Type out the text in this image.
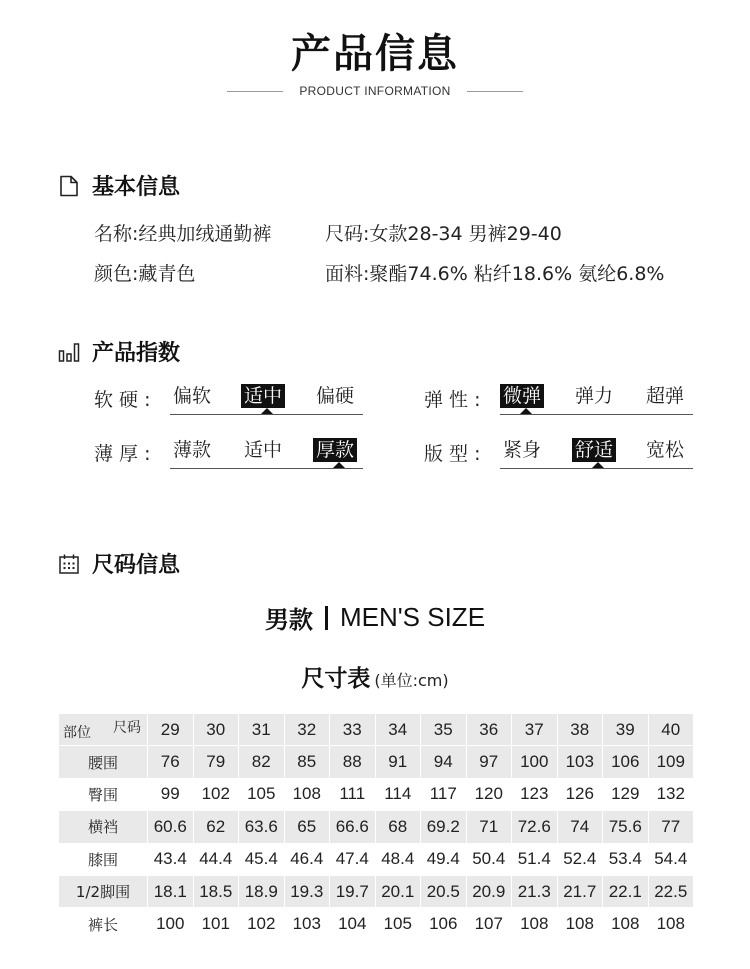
产品信息
PRODUCT INFORMATION
基本信息
名称:经典加绒通勤裤	尺码:女款28-34 男裤29-40
颜色:藏青色	面料:聚酯74.6% 粘纤18.6% 氨纶6.8%
产品指数
软 硬 : 偏软 适中 偏硬	弹 性 : 微弹 弹力 超弹
薄 厚 : 薄款 适中 厚款	版 型 : 紧身 舒适 宽松
尺码信息
男款 MEN'S SIZE
尺寸表 (单位:cm)
尺码
部位	29	30	31	32	33	34	35	36	37	38	39	40
腰围	76	79	82	85	88	91	94	97	100	103	106	109
臀围	99	102	105	108	111	114	117	120	123	126	129	132
横裆	60.6	62	63.6	65	66.6	68	69.2	71	72.6	74	75.6	77
膝围	43.4	44.4	45.4	46.4	47.4	48.4	49.4	50.4	51.4	52.4	53.4	54.4
1/2脚围	18.1	18.5	18.9	19.3	19.7	20.1	20.5	20.9	21.3	21.7	22.1	22.5
裤长	100	101	102	103	104	105	106	107	108	108	108	108
